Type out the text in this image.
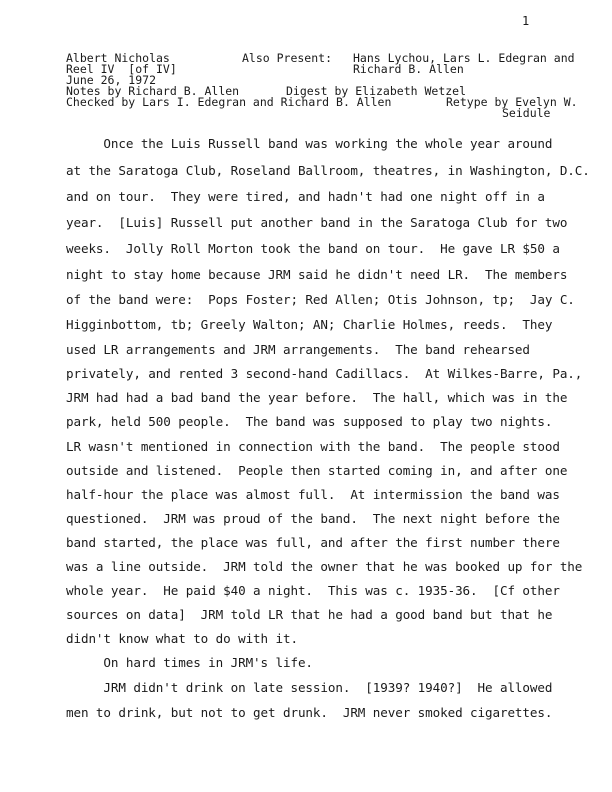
1
Albert Nicholas
Reel IV  [of IV]
June 26, 1972
Notes by Richard B. Allen
Checked by Lars I. Edegran and Richard B. Allen
Also Present: Hans Lychou, Lars L. Edegran and
Richard B. Allen
Digest by Elizabeth Wetzel
Retype by Evelyn W.
Seidule
Once the Luis Russell band was working the whole year around
at the Saratoga Club, Roseland Ballroom, theatres, in Washington, D.C.
and on tour.  They were tired, and hadn't had one night off in a
year.  [Luis] Russell put another band in the Saratoga Club for two
weeks.  Jolly Roll Morton took the band on tour.  He gave LR $50 a
night to stay home because JRM said he didn't need LR.  The members
of the band were:  Pops Foster; Red Allen; Otis Johnson, tp;  Jay C.
Higginbottom, tb; Greely Walton; AN; Charlie Holmes, reeds.  They
used LR arrangements and JRM arrangements.  The band rehearsed
privately, and rented 3 second-hand Cadillacs.  At Wilkes-Barre, Pa.,
JRM had had a bad band the year before.  The hall, which was in the
park, held 500 people.  The band was supposed to play two nights.
LR wasn't mentioned in connection with the band.  The people stood
outside and listened.  People then started coming in, and after one
half-hour the place was almost full.  At intermission the band was
questioned.  JRM was proud of the band.  The next night before the
band started, the place was full, and after the first number there
was a line outside.  JRM told the owner that he was booked up for the
whole year.  He paid $40 a night.  This was c. 1935-36.  [Cf other
sources on data]  JRM told LR that he had a good band but that he
didn't know what to do with it.
On hard times in JRM's life.
JRM didn't drink on late session.  [1939? 1940?]  He allowed
men to drink, but not to get drunk.  JRM never smoked cigarettes.
